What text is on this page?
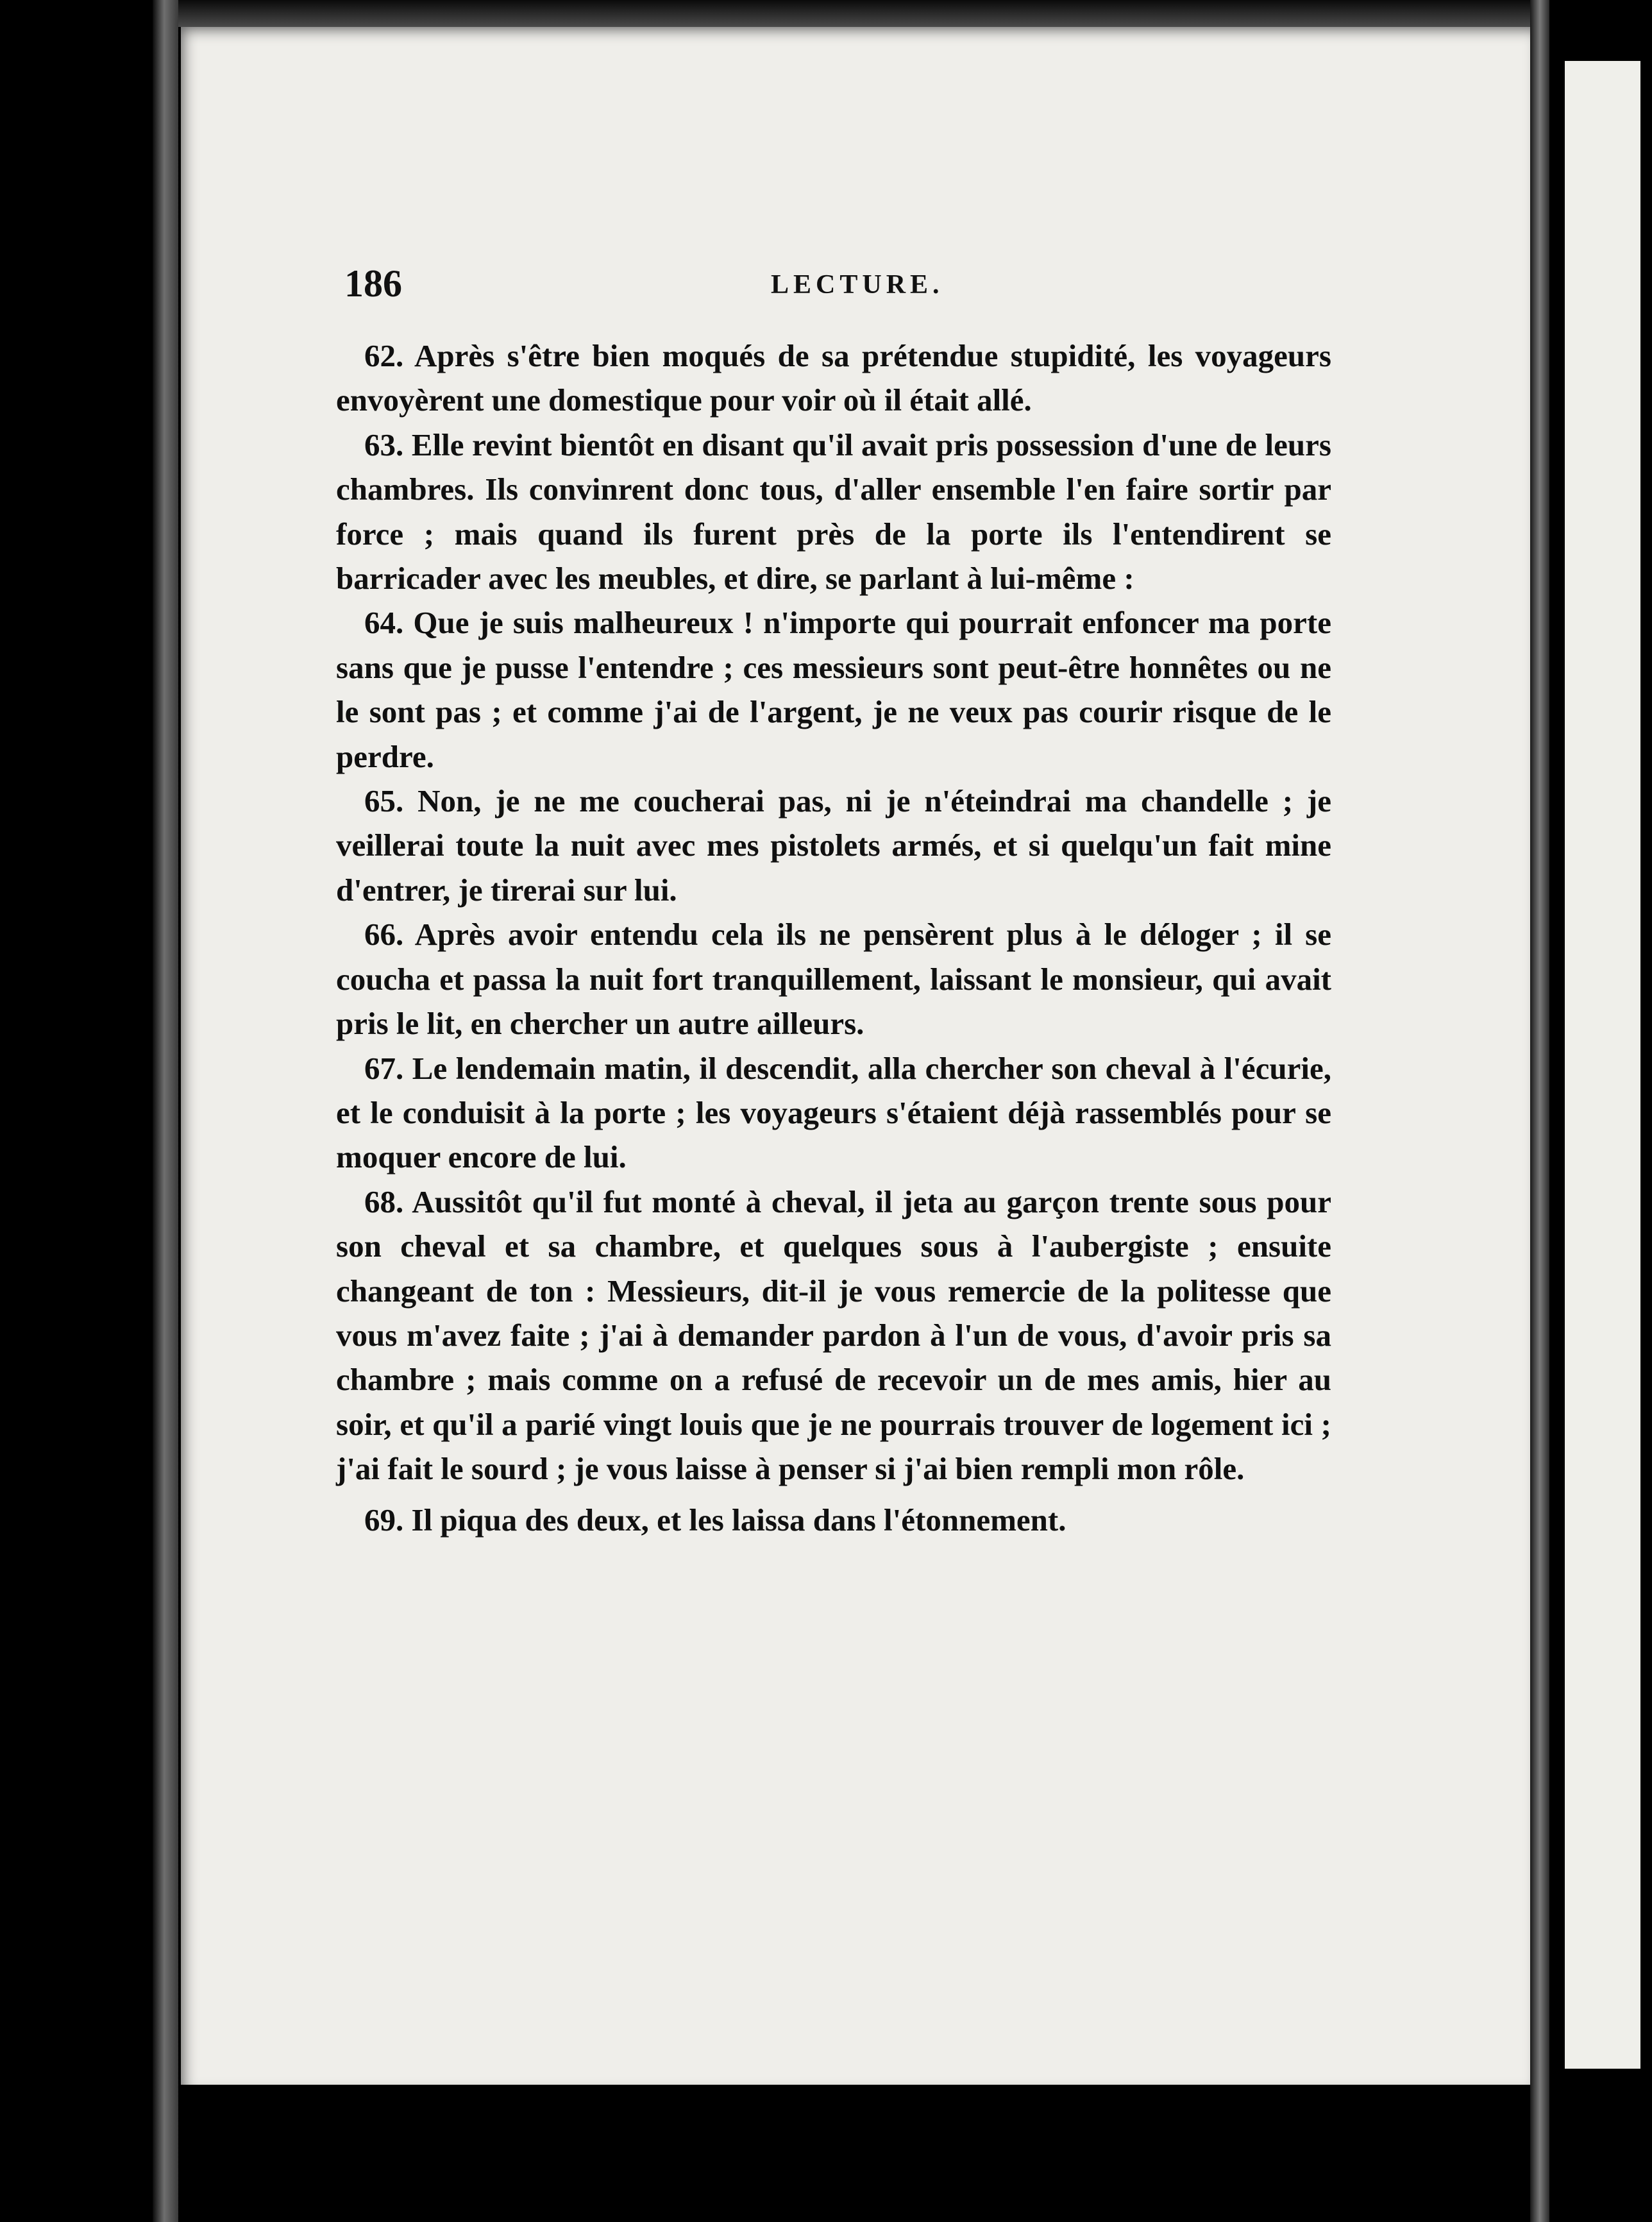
186	LECTURE.

62. Après s'être bien moqués de sa prétendue stupidité, les voyageurs envoyèrent une domestique pour voir où il était allé.

63. Elle revint bientôt en disant qu'il avait pris possession d'une de leurs chambres. Ils convinrent donc tous, d'aller ensemble l'en faire sortir par force ; mais quand ils furent près de la porte ils l'entendirent se barricader avec les meubles, et dire, se parlant à lui-même :

64. Que je suis malheureux ! n'importe qui pourrait enfoncer ma porte sans que je pusse l'entendre ; ces messieurs sont peut-être honnêtes ou ne le sont pas ; et comme j'ai de l'argent, je ne veux pas courir risque de le perdre.

65. Non, je ne me coucherai pas, ni je n'éteindrai ma chandelle ; je veillerai toute la nuit avec mes pistolets armés, et si quelqu'un fait mine d'entrer, je tirerai sur lui.

66. Après avoir entendu cela ils ne pensèrent plus à le déloger ; il se coucha et passa la nuit fort tranquillement, laissant le monsieur, qui avait pris le lit, en chercher un autre ailleurs.

67. Le lendemain matin, il descendit, alla chercher son cheval à l'écurie, et le conduisit à la porte ; les voyageurs s'étaient déjà rassemblés pour se moquer encore de lui.

68. Aussitôt qu'il fut monté à cheval, il jeta au garçon trente sous pour son cheval et sa chambre, et quelques sous à l'aubergiste ; ensuite changeant de ton : Messieurs, dit-il je vous remercie de la politesse que vous m'avez faite ; j'ai à demander pardon à l'un de vous, d'avoir pris sa chambre ; mais comme on a refusé de recevoir un de mes amis, hier au soir, et qu'il a parié vingt louis que je ne pourrais trouver de logement ici ; j'ai fait le sourd ; je vous laisse à penser si j'ai bien rempli mon rôle.

69. Il piqua des deux, et les laissa dans l'étonnement.
